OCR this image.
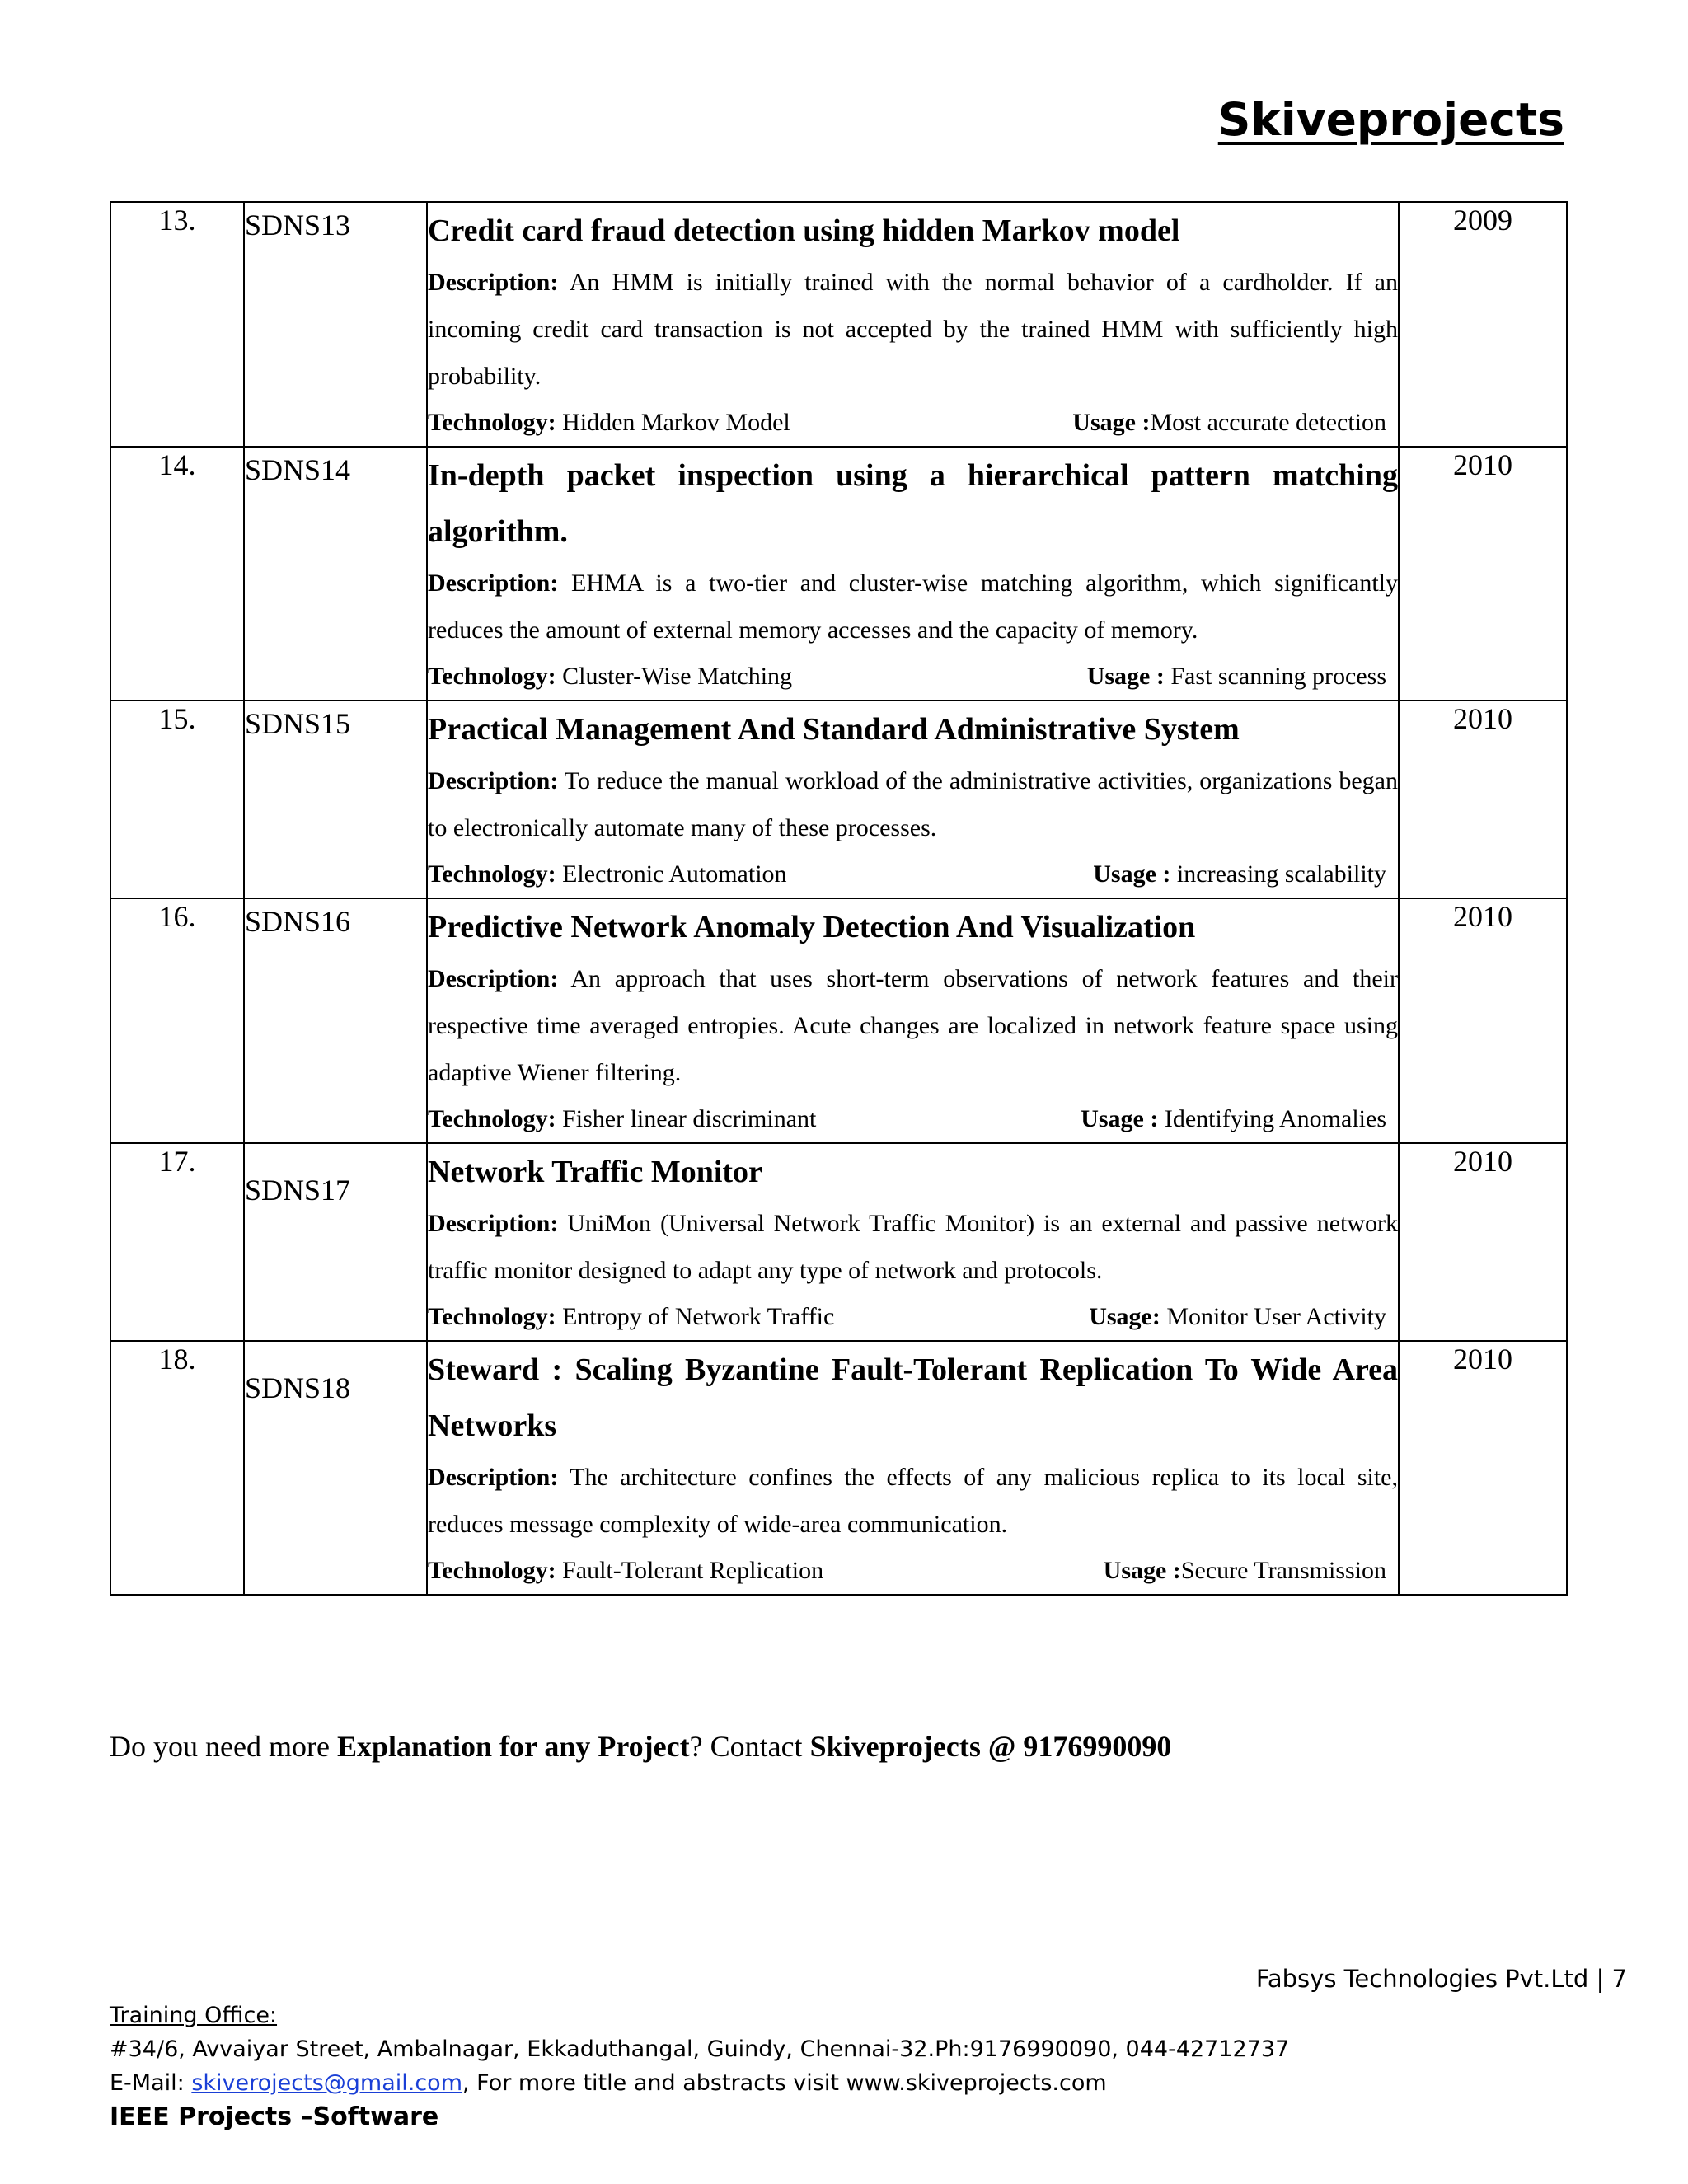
Skiveprojects
13.	SDNS13	Credit card fraud detection using hidden Markov model
Description: An HMM is initially trained with the normal behavior of a cardholder. If an incoming credit card transaction is not accepted by the trained HMM with sufficiently high probability.
Technology: Hidden Markov Model Usage :Most accurate detection	2009
14.	SDNS14	In-depth packet inspection using a hierarchical pattern matching algorithm.
Description: EHMA is a two-tier and cluster-wise matching algorithm, which significantly reduces the amount of external memory accesses and the capacity of memory.
Technology: Cluster-Wise Matching Usage : Fast scanning process	2010
15.	SDNS15	Practical Management And Standard Administrative System
Description: To reduce the manual workload of the administrative activities, organizations began to electronically automate many of these processes.
Technology: Electronic Automation Usage : increasing scalability	2010
16.	SDNS16	Predictive Network Anomaly Detection And Visualization
Description: An approach that uses short-term observations of network features and their respective time averaged entropies. Acute changes are localized in network feature space using adaptive Wiener filtering.
Technology: Fisher linear discriminant Usage : Identifying Anomalies	2010
17.	SDNS17	Network Traffic Monitor
Description: UniMon (Universal Network Traffic Monitor) is an external and passive network traffic monitor designed to adapt any type of network and protocols.
Technology: Entropy of Network Traffic Usage: Monitor User Activity	2010
18.	SDNS18	Steward : Scaling Byzantine Fault-Tolerant Replication To Wide Area Networks
Description: The architecture confines the effects of any malicious replica to its local site, reduces message complexity of wide-area communication.
Technology: Fault-Tolerant Replication Usage :Secure Transmission	2010
Do you need more Explanation for any Project? Contact Skiveprojects @ 9176990090
Fabsys Technologies Pvt.Ltd | 7
Training Office:
#34/6, Avvaiyar Street, Ambalnagar, Ekkaduthangal, Guindy, Chennai-32.Ph:9176990090, 044-42712737
E-Mail: skiverojects@gmail.com, For more title and abstracts visit www.skiveprojects.com
IEEE Projects –Software
